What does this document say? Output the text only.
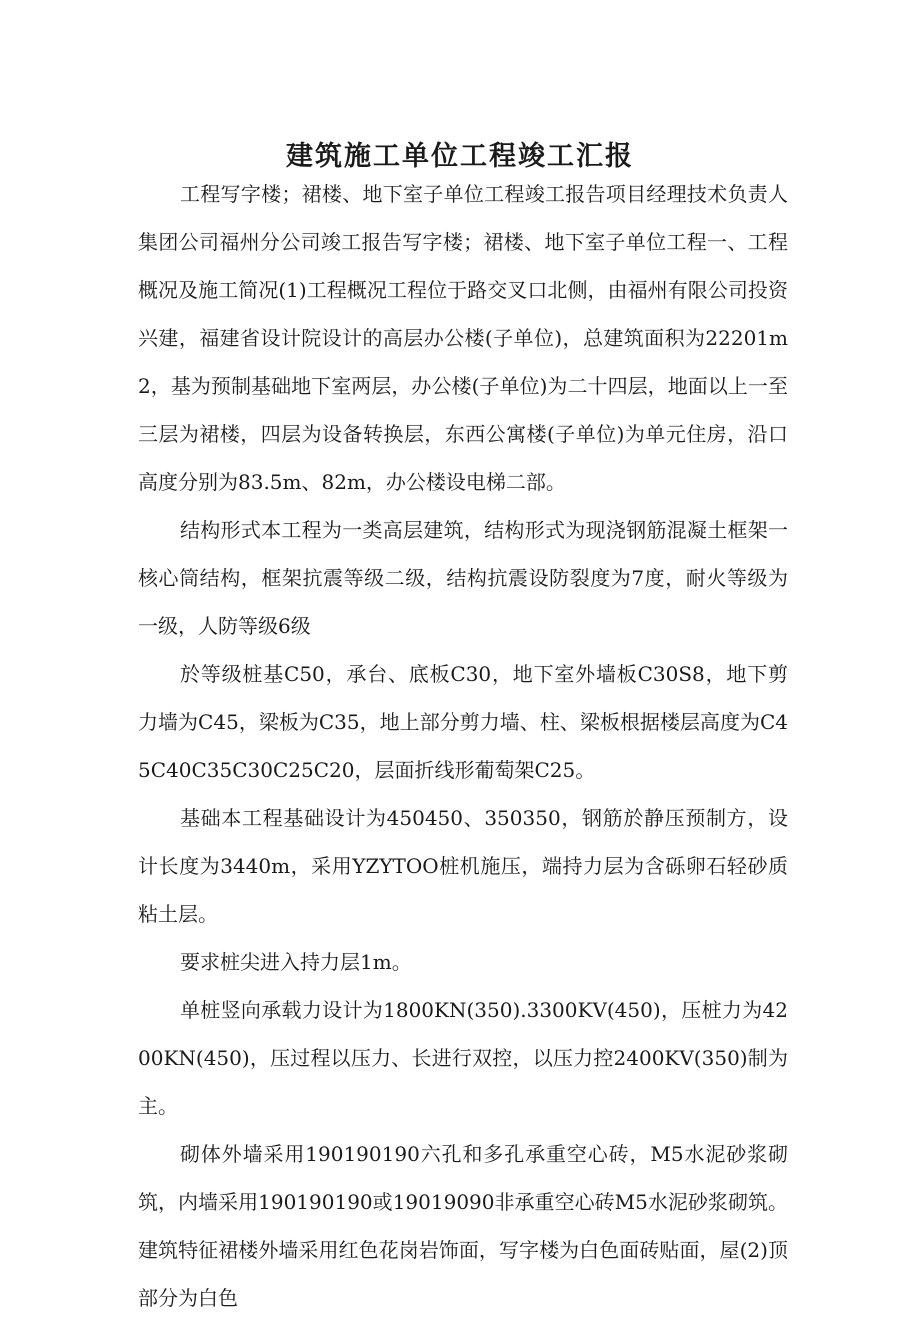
建筑施工单位工程竣工汇报

工程写字楼；裙楼、地下室子单位工程竣工报告项目经理技术负责人集团公司福州分公司竣工报告写字楼；裙楼、地下室子单位工程一、工程概况及施工简况(1)工程概况工程位于路交叉口北侧，由福州有限公司投资兴建，福建省设计院设计的高层办公楼(子单位)，总建筑面积为22201m2，基为预制基础地下室两层，办公楼(子单位)为二十四层，地面以上一至三层为裙楼，四层为设备转换层，东西公寓楼(子单位)为单元住房，沿口高度分别为83.5m、82m，办公楼设电梯二部。

结构形式本工程为一类高层建筑，结构形式为现浇钢筋混凝土框架一核心筒结构，框架抗震等级二级，结构抗震设防裂度为7度，耐火等级为一级，人防等级6级

於等级桩基C50，承台、底板C30，地下室外墙板C30S8，地下剪力墙为C45，梁板为C35，地上部分剪力墙、柱、梁板根据楼层高度为C45C40C35C30C25C20，层面折线形葡萄架C25。

基础本工程基础设计为450450、350350，钢筋於静压预制方，设计长度为3440m，采用YZYTOO桩机施压，端持力层为含砾卵石轻砂质粘土层。

要求桩尖进入持力层1m。

单桩竖向承载力设计为1800KN(350).3300KV(450)，压桩力为4200KN(450)，压过程以压力、长进行双控，以压力控2400KV(350)制为主。

砌体外墙采用190190190六孔和多孔承重空心砖，M5水泥砂浆砌筑，内墙采用190190190或19019090非承重空心砖M5水泥砂浆砌筑。建筑特征裙楼外墙采用红色花岗岩饰面，写字楼为白色面砖贴面，屋(2)顶部分为白色
